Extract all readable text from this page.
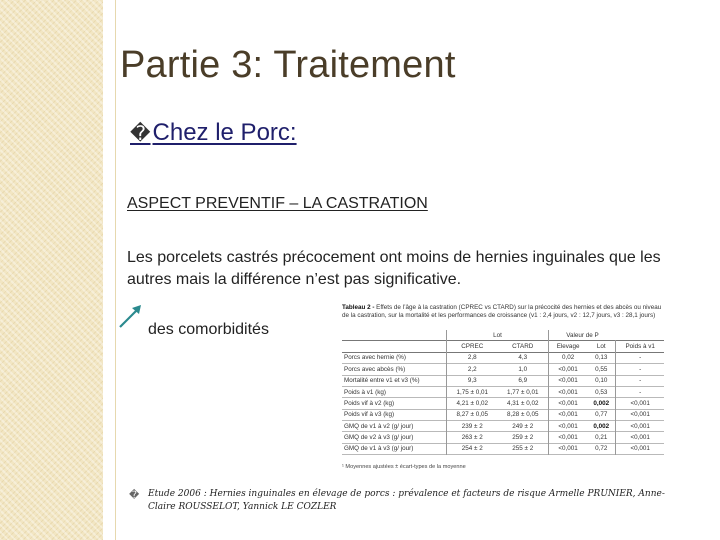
Partie 3: Traitement
�Chez le Porc:
ASPECT PREVENTIF – LA CASTRATION
Les porcelets castrés précocement ont moins de hernies inguinales que les autres mais la différence n’est pas significative.
des comorbidités
Tableau 2 - Effets de l’âge à la castration (CPREC vs CTARD) sur la précocité des hernies et des abcès ou niveau
de la castration, sur la mortalité et les performances de croissance (v1 : 2,4 jours, v2 : 12,7 jours, v3 : 28,1 jours)
	Lot		Valeur de P		
	CPREC	CTARD	Elevage	Lot	Poids à v1
Porcs avec hernie (%)	2,8	4,3	0,02	0,13	-
Porcs avec abcès (%)	2,2	1,0	<0,001	0,55	-
Mortalité entre v1 et v3 (%)	9,3	6,9	<0,001	0,10	-
Poids à v1 (kg)	1,75 ± 0,01	1,77 ± 0,01	<0,001	0,53	-
Poids vif à v2 (kg)	4,21 ± 0,02	4,31 ± 0,02	<0,001	0,002	<0,001
Poids vif à v3 (kg)	8,27 ± 0,05	8,28 ± 0,05	<0,001	0,77	<0,001
GMQ de v1 à v2 (g/ jour)	239 ± 2	249 ± 2	<0,001	0,002	<0,001
GMQ de v2 à v3 (g/ jour)	263 ± 2	259 ± 2	<0,001	0,21	<0,001
GMQ de v1 à v3 (g/ jour)	254 ± 2	255 ± 2	<0,001	0,72	<0,001
¹ Moyennes ajustées ± écart-types de la moyenne
� Etude 2006 : Hernies inguinales en élevage de porcs : prévalence et facteurs de risque Armelle PRUNIER, Anne-Claire ROUSSELOT, Yannick LE COZLER
